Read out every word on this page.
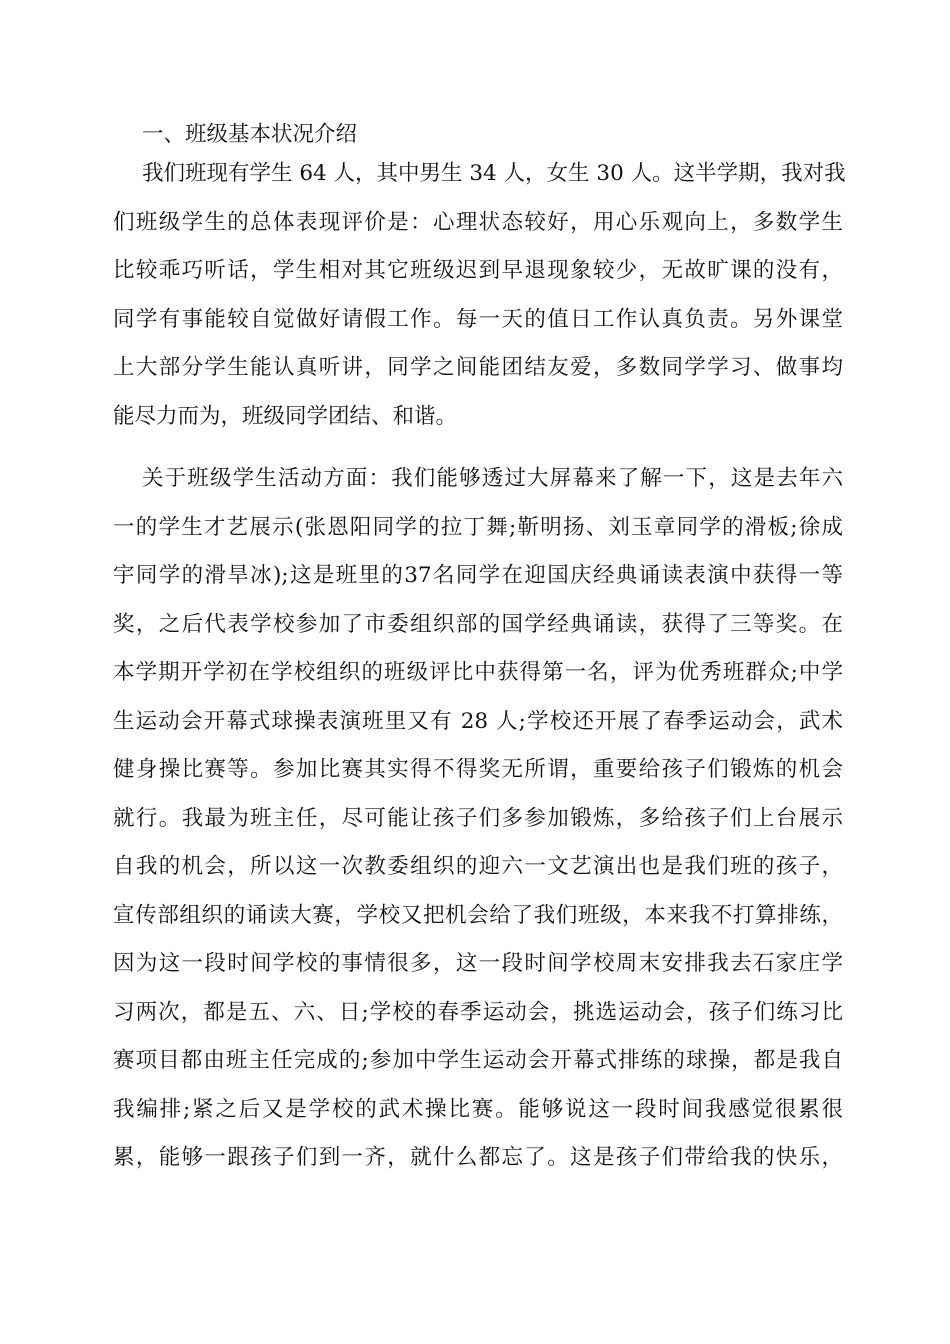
一、班级基本状况介绍
我们班现有学生 64 人，其中男生 34 人，女生 30 人。这半学期，我对我
们班级学生的总体表现评价是：心理状态较好，用心乐观向上，多数学生
比较乖巧听话，学生相对其它班级迟到早退现象较少，无故旷课的没有，
同学有事能较自觉做好请假工作。每一天的值日工作认真负责。另外课堂
上大部分学生能认真听讲，同学之间能团结友爱，多数同学学习、做事均
能尽力而为，班级同学团结、和谐。
关于班级学生活动方面：我们能够透过大屏幕来了解一下，这是去年六
一的学生才艺展示(张恩阳同学的拉丁舞;靳明扬、刘玉章同学的滑板;徐成
宇同学的滑旱冰);这是班里的37名同学在迎国庆经典诵读表演中获得一等
奖，之后代表学校参加了市委组织部的国学经典诵读，获得了三等奖。在
本学期开学初在学校组织的班级评比中获得第一名，评为优秀班群众;中学
生运动会开幕式球操表演班里又有 28 人;学校还开展了春季运动会，武术
健身操比赛等。参加比赛其实得不得奖无所谓，重要给孩子们锻炼的机会
就行。我最为班主任，尽可能让孩子们多参加锻炼，多给孩子们上台展示
自我的机会，所以这一次教委组织的迎六一文艺演出也是我们班的孩子，
宣传部组织的诵读大赛，学校又把机会给了我们班级，本来我不打算排练，
因为这一段时间学校的事情很多，这一段时间学校周末安排我去石家庄学
习两次，都是五、六、日;学校的春季运动会，挑选运动会，孩子们练习比
赛项目都由班主任完成的;参加中学生运动会开幕式排练的球操，都是我自
我编排;紧之后又是学校的武术操比赛。能够说这一段时间我感觉很累很
累，能够一跟孩子们到一齐，就什么都忘了。这是孩子们带给我的快乐，
